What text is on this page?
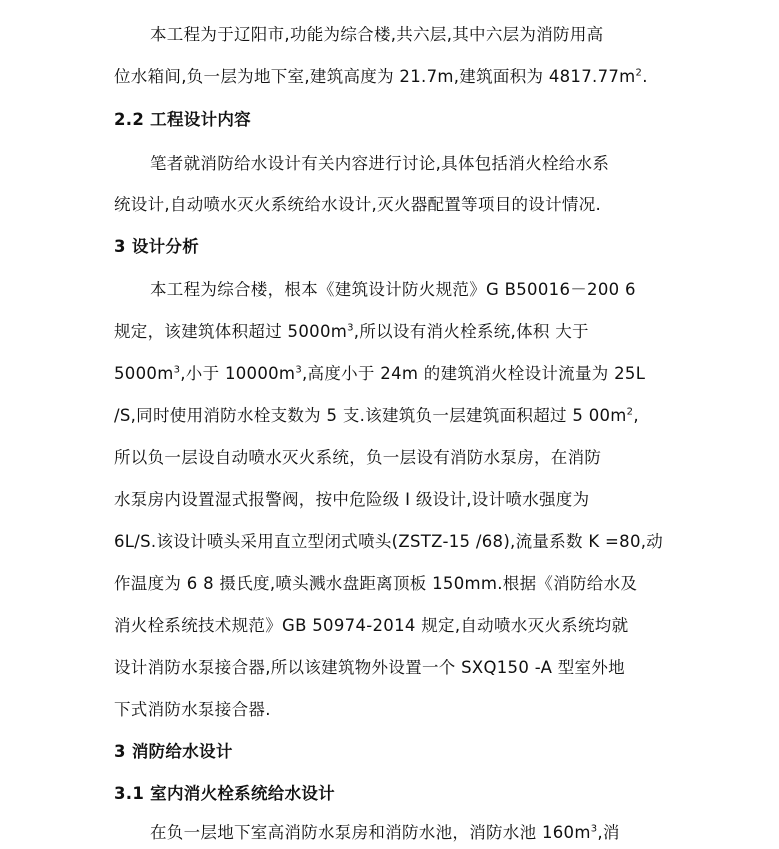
本工程为于辽阳市,功能为综合楼,共六层,其中六层为消防用高
位水箱间,负一层为地下室,建筑高度为 21.7m,建筑面积为 $4817.77m^2$.
2.2 工程设计内容
笔者就消防给水设计有关内容进行讨论,具体包括消火栓给水系
统设计,自动喷水灭火系统给水设计,灭火器配置等项目的设计情况.
3 设计分析
本工程为综合楼，根本《建筑设计防火规范》G B50016－200 6
规定，该建筑体积超过 $5000m^3$,所以设有消火栓系统,体积 大于
$5000m^3$,小于 $10000m^3$,高度小于 24m 的建筑消火栓设计流量为 25L
/S,同时使用消防水栓支数为 5 支.该建筑负一层建筑面积超过 5 $00m^2$,
所以负一层设自动喷水灭火系统，负一层设有消防水泵房，在消防
水泵房内设置湿式报警阀，按中危险级 I 级设计,设计喷水强度为
6L/S.该设计喷头采用直立型闭式喷头(ZSTZ-15 /68),流量系数 K =80,动
作温度为 6 8 摄氏度,喷头溅水盘距离顶板 150mm.根据《消防给水及
消火栓系统技术规范》GB 50974-2014 规定,自动喷水灭火系统均就
设计消防水泵接合器,所以该建筑物外设置一个 SXQ150 -A 型室外地
下式消防水泵接合器.
3 消防给水设计
3.1 室内消火栓系统给水设计
在负一层地下室高消防水泵房和消防水池，消防水池 $160m^3$,消
